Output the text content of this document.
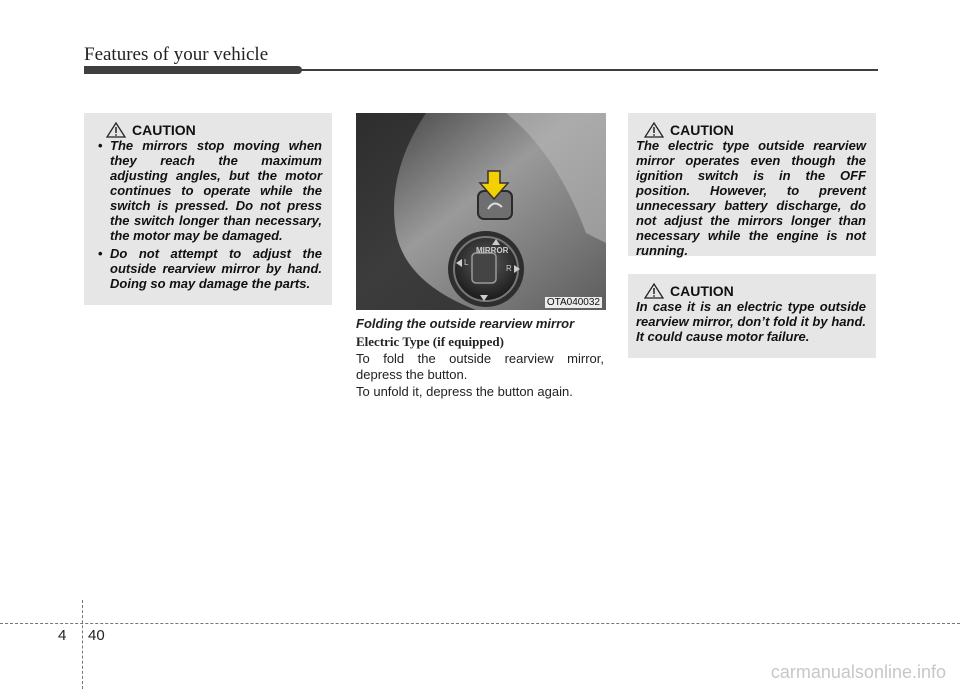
Features of your vehicle
CAUTION
• The mirrors stop moving when they reach the maximum adjusting angles, but the motor continues to operate while the switch is pressed. Do not press the switch longer than necessary, the motor may be damaged.
• Do not attempt to adjust the outside rearview mirror by hand. Doing so may damage the parts.
MIRROR
L
R
OTA040032
Folding the outside rearview mirror
Electric Type (if equipped)
To fold the outside rearview mirror, depress the button.
To unfold it, depress the button again.
CAUTION
The electric type outside rearview mirror operates even though the ignition switch is in the OFF position. However, to prevent unnecessary battery discharge, do not adjust the mirrors longer than necessary while the engine is not running.
CAUTION
In case it is an electric type outside rearview mirror, don’t fold it by hand. It could cause motor failure.
4 40
carmanualsonline.info
